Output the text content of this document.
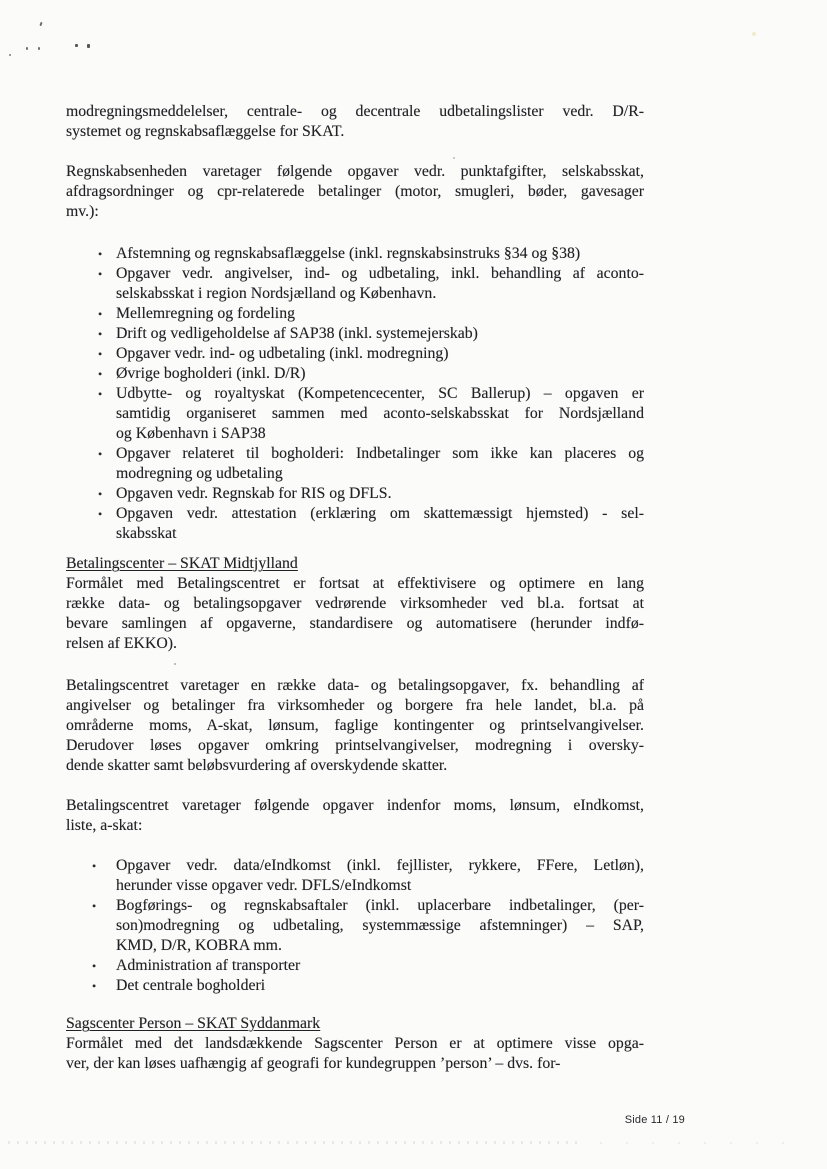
modregningsmeddelelser, centrale- og decentrale udbetalingslister vedr. D/R-
systemet og regnskabsaflæggelse for SKAT.
Regnskabsenheden varetager følgende opgaver vedr. punktafgifter, selskabsskat,
afdragsordninger og cpr-relaterede betalinger (motor, smugleri, bøder, gavesager
mv.):
• Afstemning og regnskabsaflæggelse (inkl. regnskabsinstruks §34 og §38)
• Opgaver vedr. angivelser, ind- og udbetaling, inkl. behandling af aconto-
selskabsskat i region Nordsjælland og København.
• Mellemregning og fordeling
• Drift og vedligeholdelse af SAP38 (inkl. systemejerskab)
• Opgaver vedr. ind- og udbetaling (inkl. modregning)
• Øvrige bogholderi (inkl. D/R)
• Udbytte- og royaltyskat (Kompetencecenter, SC Ballerup) – opgaven er
samtidig organiseret sammen med aconto-selskabsskat for Nordsjælland
og København i SAP38
• Opgaver relateret til bogholderi: Indbetalinger som ikke kan placeres og
modregning og udbetaling
• Opgaven vedr. Regnskab for RIS og DFLS.
• Opgaven vedr. attestation (erklæring om skattemæssigt hjemsted) - sel-
skabsskat
Betalingscenter – SKAT Midtjylland
Formålet med Betalingscentret er fortsat at effektivisere og optimere en lang
række data- og betalingsopgaver vedrørende virksomheder ved bl.a. fortsat at
bevare samlingen af opgaverne, standardisere og automatisere (herunder indfø-
relsen af EKKO).
Betalingscentret varetager en række data- og betalingsopgaver, fx. behandling af
angivelser og betalinger fra virksomheder og borgere fra hele landet, bl.a. på
områderne moms, A-skat, lønsum, faglige kontingenter og printselvangivelser.
Derudover løses opgaver omkring printselvangivelser, modregning i oversky-
dende skatter samt beløbsvurdering af overskydende skatter.
Betalingscentret varetager følgende opgaver indenfor moms, lønsum, eIndkomst,
liste, a-skat:
• Opgaver vedr. data/eIndkomst (inkl. fejllister, rykkere, FFere, Letløn),
herunder visse opgaver vedr. DFLS/eIndkomst
• Bogførings- og regnskabsaftaler (inkl. uplacerbare indbetalinger, (per-
son)modregning og udbetaling, systemmæssige afstemninger) – SAP,
KMD, D/R, KOBRA mm.
• Administration af transporter
• Det centrale bogholderi
Sagscenter Person – SKAT Syddanmark
Formålet med det landsdækkende Sagscenter Person er at optimere visse opga-
ver, der kan løses uafhængig af geografi for kundegruppen ’person’ – dvs. for-
Side 11 / 19
